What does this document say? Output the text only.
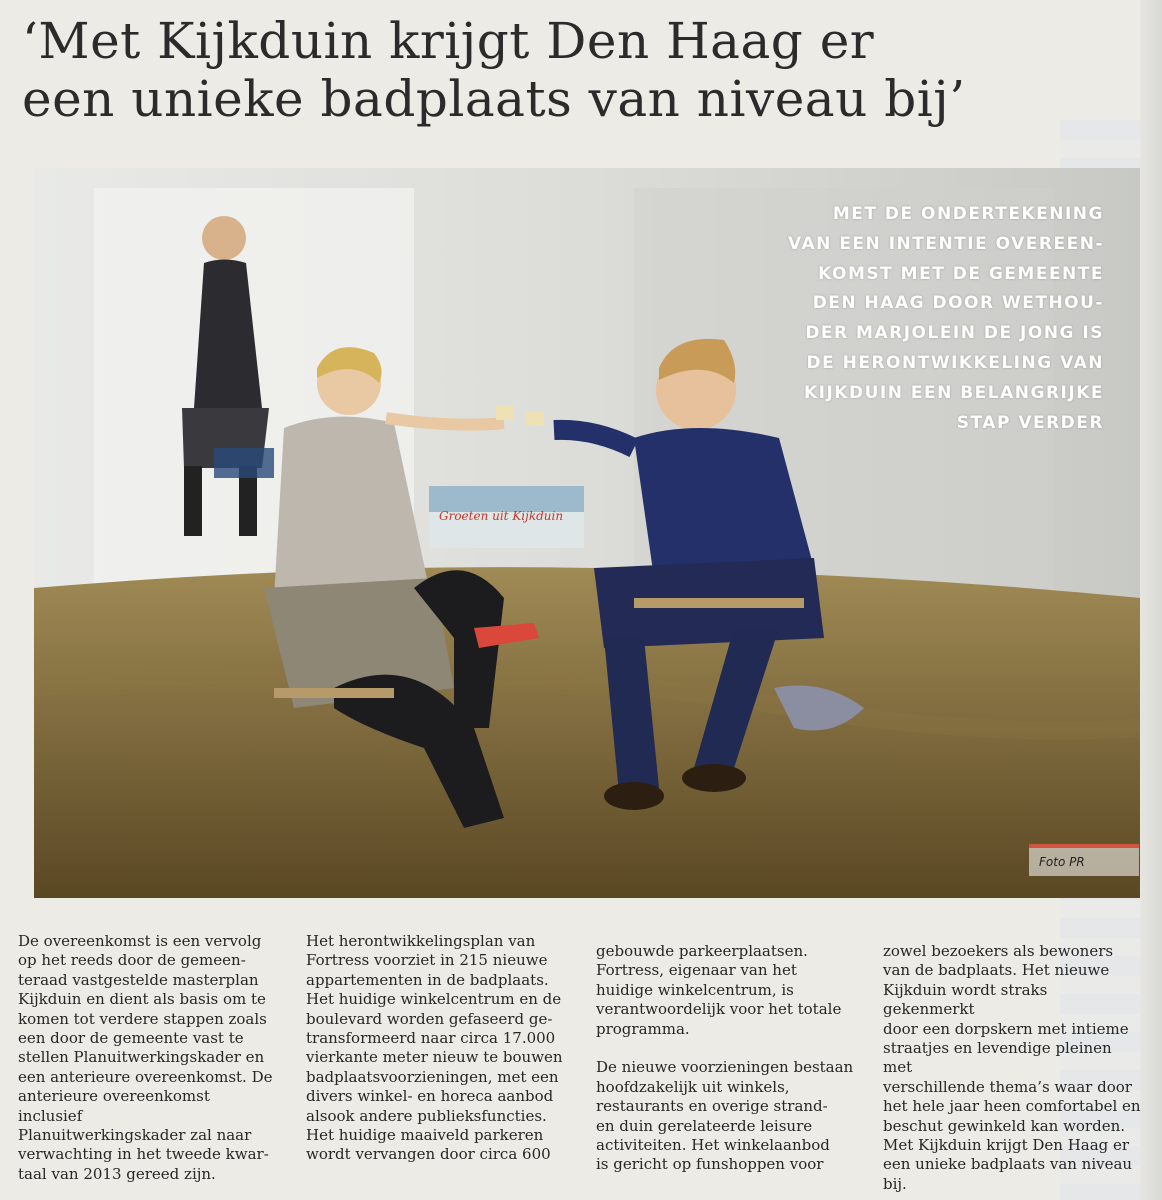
‘Met Kijkduin krijgt Den Haag er
een unieke badplaats van niveau bij’
Groeten uit Kijkduin
MET DE ONDERTEKENING
VAN EEN INTENTIE OVEREEN-
KOMST MET DE GEMEENTE
DEN HAAG DOOR WETHOU-
DER MARJOLEIN DE JONG IS
DE HERONTWIKKELING VAN
KIJKDUIN EEN BELANGRIJKE
STAP VERDER
Foto PR

De overeenkomst is een vervolg
op het reeds door de gemeen-
teraad vastgestelde masterplan
Kijkduin en dient als basis om te
komen tot verdere stappen zoals
een door de gemeente vast te
stellen Planuitwerkingskader en
een anterieure overeenkomst. De
anterieure overeenkomst inclusief
Planuitwerkingskader zal naar
verwachting in het tweede kwar-
taal van 2013 gereed zijn.

Het herontwikkelingsplan van
Fortress voorziet in 215 nieuwe
appartementen in de badplaats.
Het huidige winkelcentrum en de
boulevard worden gefaseerd ge-
transformeerd naar circa 17.000
vierkante meter nieuw te bouwen
badplaatsvoorzieningen, met een
divers winkel- en horeca aanbod
alsook andere publieksfuncties.
Het huidige maaiveld parkeren
wordt vervangen door circa 600

gebouwde parkeerplaatsen.
Fortress, eigenaar van het
huidige winkelcentrum, is
verantwoordelijk voor het totale
programma.

De nieuwe voorzieningen bestaan
hoofdzakelijk uit winkels,
restaurants en overige strand-
en duin gerelateerde leisure
activiteiten. Het winkelaanbod
is gericht op funshoppen voor

zowel bezoekers als bewoners
van de badplaats. Het nieuwe
Kijkduin wordt straks gekenmerkt
door een dorpskern met intieme
straatjes en levendige pleinen met
verschillende thema’s waar door
het hele jaar heen comfortabel en
beschut gewinkeld kan worden.
Met Kijkduin krijgt Den Haag er
een unieke badplaats van niveau
bij.
